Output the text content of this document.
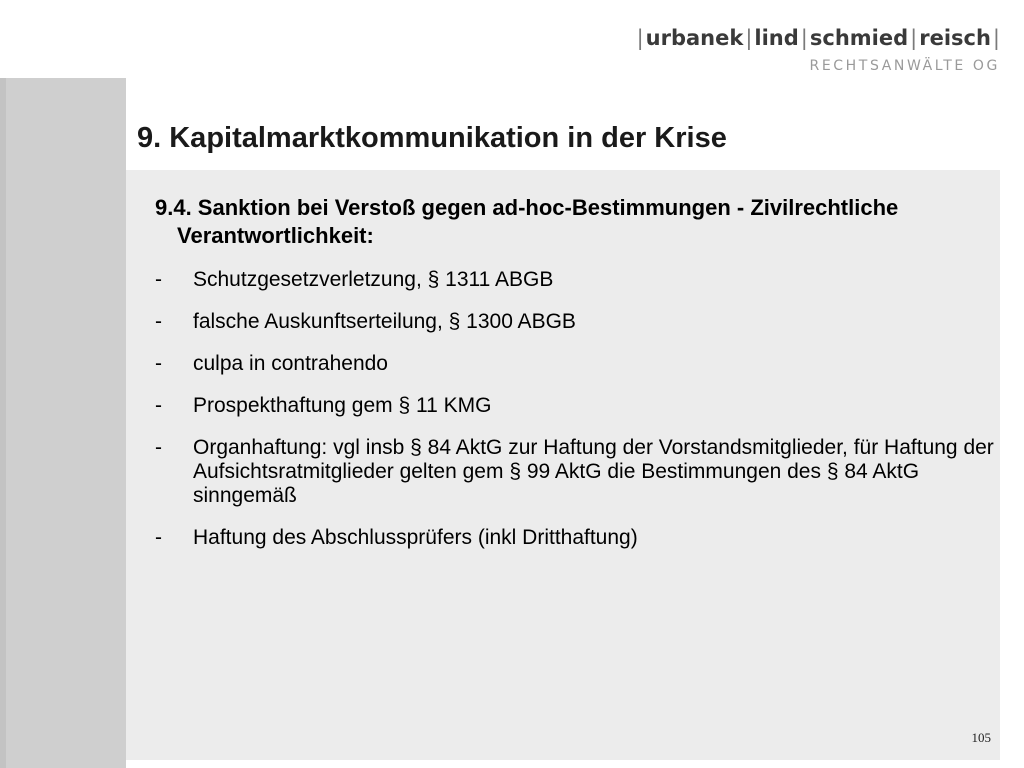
|urbanek|lind|schmied|reisch|
RECHTSANWÄLTE OG
9. Kapitalmarktkommunikation in der Krise
9.4. Sanktion bei Verstoß gegen ad-hoc-Bestimmungen - Zivilrechtliche Verantwortlichkeit:
-	Schutzgesetzverletzung, § 1311 ABGB
-	falsche Auskunftserteilung, § 1300 ABGB
-	culpa in contrahendo
-	Prospekthaftung gem § 11 KMG
-	Organhaftung: vgl insb § 84 AktG zur Haftung der Vorstandsmitglieder, für Haftung der Aufsichtsratmitglieder gelten gem § 99 AktG die Bestimmungen des § 84 AktG sinngemäß
-	Haftung des Abschlussprüfers (inkl Dritthaftung)
105
